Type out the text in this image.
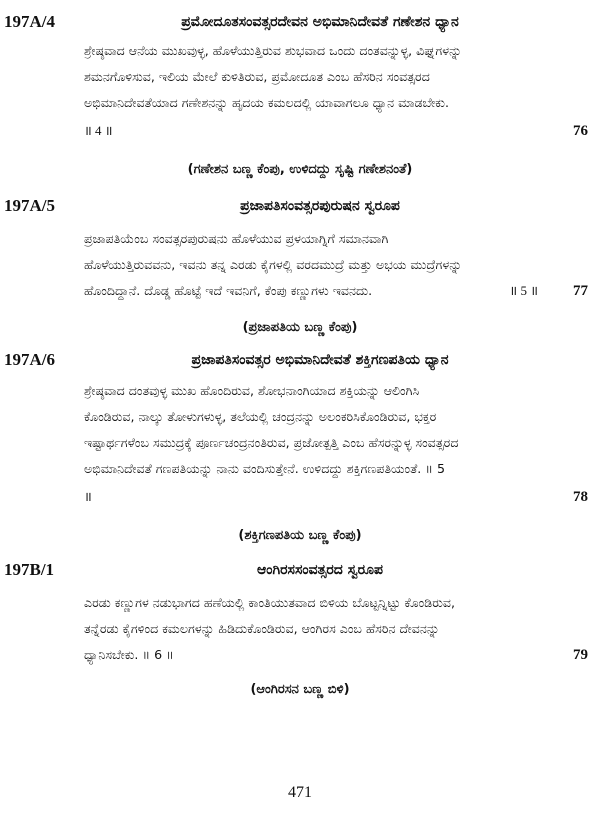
197A/4	ಪ್ರಮೋದೂತಸಂವತ್ಸರದೇವನ ಅಭಿಮಾನಿದೇವತೆ ಗಣೇಶನ ಧ್ಯಾನ

ಶ್ರೇಷ್ಠವಾದ ಆನೆಯ ಮುಖವುಳ್ಳ, ಹೊಳೆಯುತ್ತಿರುವ ಶುಭವಾದ ಒಂದು ದಂತವನ್ನುಳ್ಳ, ವಿಘ್ನಗಳನ್ನು

ಶಮನಗೊಳಿಸುವ, ಇಲಿಯ ಮೇಲೆ ಕುಳಿತಿರುವ, ಪ್ರಮೋದೂತ ಎಂಬ ಹೆಸರಿನ ಸಂವತ್ಸರದ

ಅಭಿಮಾನಿದೇವತೆಯಾದ ಗಣೇಶನನ್ನು ಹೃದಯ ಕಮಲದಲ್ಲಿ ಯಾವಾಗಲೂ ಧ್ಯಾನ ಮಾಡಬೇಕು.

॥ 4 ॥	76
(ಗಣೇಶನ ಬಣ್ಣ ಕೆಂಪು, ಉಳಿದದ್ದು ಸೃಷ್ಟಿ ಗಣೇಶನಂತೆ)
197A/5	ಪ್ರಜಾಪತಿಸಂವತ್ಸರಪುರುಷನ ಸ್ವರೂಪ

ಪ್ರಜಾಪತಿಯೆಂಬ ಸಂವತ್ಸರಪುರುಷನು ಹೊಳೆಯುವ ಪ್ರಳಯಾಗ್ನಿಗೆ ಸಮಾನವಾಗಿ

ಹೊಳೆಯುತ್ತಿರುವವನು, ಇವನು ತನ್ನ ಎರಡು ಕೈಗಳಲ್ಲಿ ವರದಮುದ್ರೆ ಮತ್ತು ಅಭಯ ಮುದ್ರೆಗಳನ್ನು

ಹೊಂದಿದ್ದಾನೆ. ದೊಡ್ಡ ಹೊಟ್ಟೆ ಇದೆ ಇವನಿಗೆ, ಕೆಂಪು ಕಣ್ಣುಗಳು ಇವನದು.	॥ 5 ॥ 77
(ಪ್ರಜಾಪತಿಯ ಬಣ್ಣ ಕೆಂಪು)
197A/6	ಪ್ರಜಾಪತಿಸಂವತ್ಸರ ಅಭಿಮಾನಿದೇವತೆ ಶಕ್ತಿಗಣಪತಿಯ ಧ್ಯಾನ

ಶ್ರೇಷ್ಠವಾದ ದಂತವುಳ್ಳ ಮುಖ ಹೊಂದಿರುವ, ಶೋಭನಾಂಗಿಯಾದ ಶಕ್ತಿಯನ್ನು ಆಲಿಂಗಿಸಿ

ಕೊಂಡಿರುವ, ನಾಲ್ಕು ತೋಳುಗಳುಳ್ಳ, ತಲೆಯಲ್ಲಿ ಚಂದ್ರನನ್ನು ಅಲಂಕರಿಸಿಕೊಂಡಿರುವ, ಭಕ್ತರ

ಇಷ್ಟಾರ್ಥಗಳೆಂಬ ಸಮುದ್ರಕ್ಕೆ ಪೂರ್ಣಚಂದ್ರನಂತಿರುವ, ಪ್ರಜೋತ್ಪತ್ತಿ ಎಂಬ ಹೆಸರನ್ನುಳ್ಳ ಸಂವತ್ಸರದ

ಅಭಿಮಾನಿದೇವತೆ ಗಣಪತಿಯನ್ನು ನಾನು ವಂದಿಸುತ್ತೇನೆ. ಉಳಿದದ್ದು ಶಕ್ತಿಗಣಪತಿಯಂತೆ. ॥ 5

॥	78
(ಶಕ್ತಿಗಣಪತಿಯ ಬಣ್ಣ ಕೆಂಪು)
197B/1	ಆಂಗಿರಸಸಂವತ್ಸರದ ಸ್ವರೂಪ

ಎರಡು ಕಣ್ಣುಗಳ ನಡುಭಾಗದ ಹಣೆಯಲ್ಲಿ ಕಾಂತಿಯುತವಾದ ಬಿಳಿಯ ಬೊಟ್ಟನ್ನಿಟ್ಟು ಕೊಂಡಿರುವ,

ತನ್ನೆರಡು ಕೈಗಳಿಂದ ಕಮಲಗಳನ್ನು ಹಿಡಿದುಕೊಂಡಿರುವ, ಆಂಗಿರಸ ಎಂಬ ಹೆಸರಿನ ದೇವನನ್ನು

ಧ್ಯಾನಿಸಬೇಕು. ॥ 6 ॥	79
(ಆಂಗಿರಸನ ಬಣ್ಣ ಬಿಳಿ)
471
